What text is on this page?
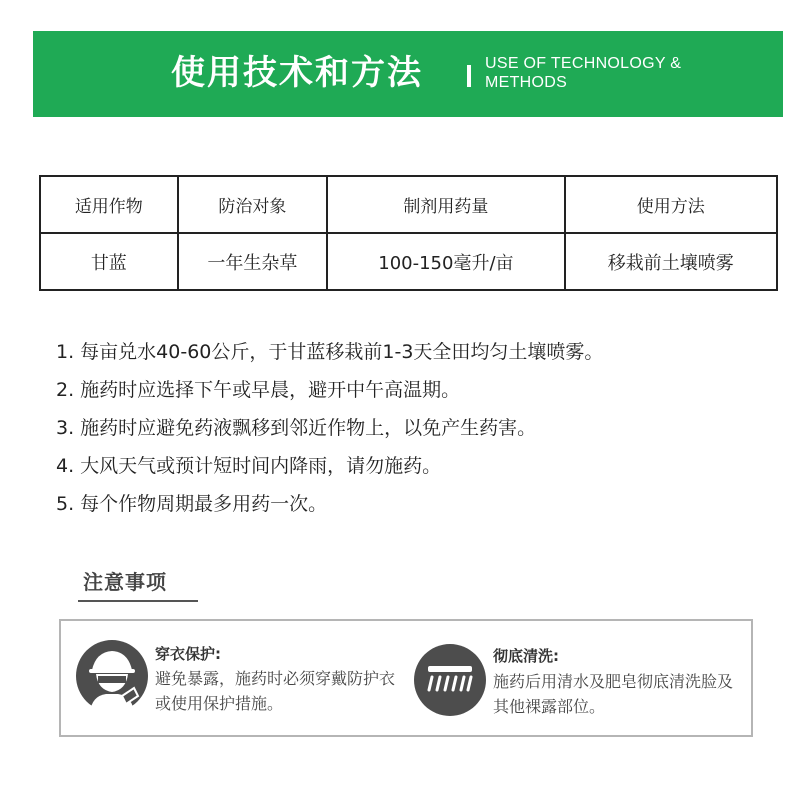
使用技术和方法	USE OF TECHNOLOGY &
METHODS
适用作物	防治对象	制剂用药量	使用方法
甘蓝	一年生杂草	100-150毫升/亩	移栽前土壤喷雾
1. 每亩兑水40-60公斤，于甘蓝移栽前1-3天全田均匀土壤喷雾。
2. 施药时应选择下午或早晨，避开中午高温期。
3. 施药时应避免药液飘移到邻近作物上，以免产生药害。
4. 大风天气或预计短时间内降雨，请勿施药。
5. 每个作物周期最多用药一次。
注意事项
穿衣保护:
避免暴露，施药时必须穿戴防护衣或使用保护措施。
彻底清洗:
施药后用清水及肥皂彻底清洗脸及其他裸露部位。
